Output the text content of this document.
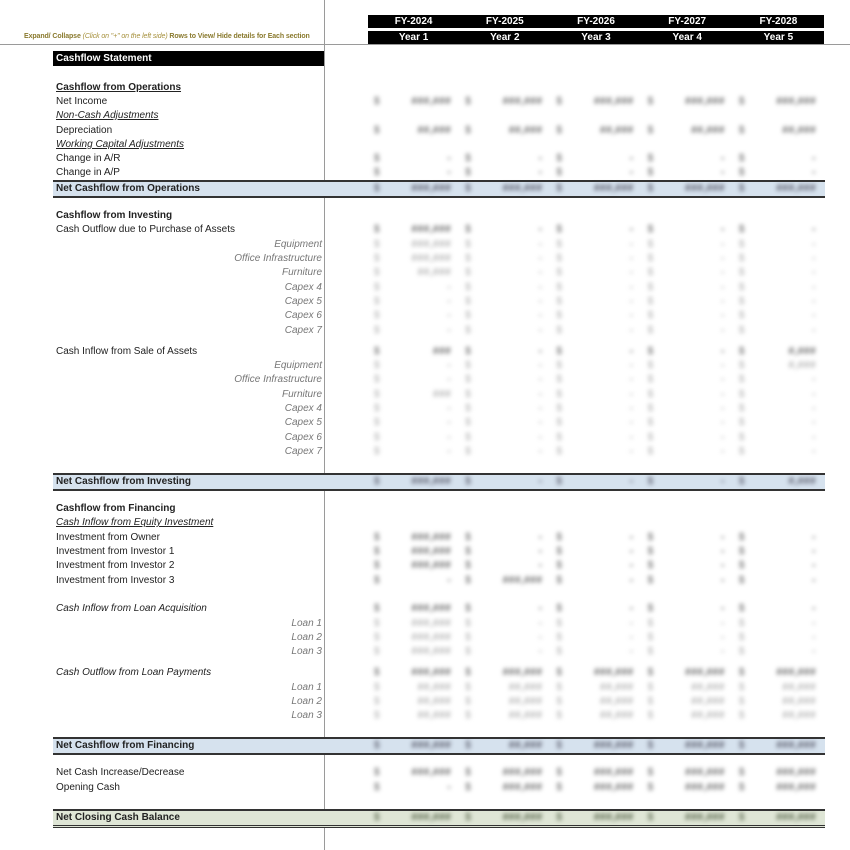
Expand/ Collapse (Click on "+" on the left side) Rows to View/ Hide details for Each section
FY-2024	FY-2025	FY-2026	FY-2027	FY-2028
Year 1	Year 2	Year 3	Year 4	Year 5
Cashflow Statement
Cashflow from Operations
Net Income	$	###,### $	###,### $	###,### $	###,### $	###,###
Non-Cash Adjustments
Depreciation	$	##,### $	##,### $	##,### $	##,### $	##,###
Working Capital Adjustments
Change in A/R	$	- $	- $	- $	- $	-
Change in A/P	$	- $	- $	- $	- $	-
Net Cashflow from Operations	$	###,### $	###,### $	###,### $	###,### $	###,###
Cashflow from Investing
Cash Outflow due to Purchase of Assets	$	###,### $	- $	- $	- $	-
Equipment	$	###,### $	- $	- $	- $	-
Office Infrastructure	$	###,### $	- $	- $	- $	-
Furniture	$	##,### $	- $	- $	- $	-
Capex 4	$	- $	- $	- $	- $	-
Capex 5	$	- $	- $	- $	- $	-
Capex 6	$	- $	- $	- $	- $	-
Capex 7	$	- $	- $	- $	- $	-
Cash Inflow from Sale of Assets	$	### $	- $	- $	- $	#,###
Equipment	$	- $	- $	- $	- $	#,###
Office Infrastructure	$	- $	- $	- $	- $	-
Furniture	$	### $	- $	- $	- $	-
Capex 4	$	- $	- $	- $	- $	-
Capex 5	$	- $	- $	- $	- $	-
Capex 6	$	- $	- $	- $	- $	-
Capex 7	$	- $	- $	- $	- $	-
Net Cashflow from Investing	$	###,### $	- $	- $	- $	#,###
Cashflow from Financing
Cash Inflow from Equity Investment
Investment from Owner	$	###,### $	- $	- $	- $	-
Investment from Investor 1	$	###,### $	- $	- $	- $	-
Investment from Investor 2	$	###,### $	- $	- $	- $	-
Investment from Investor 3	$	- $	###,### $	- $	- $	-
Cash Inflow from Loan Acquisition	$	###,### $	- $	- $	- $	-
Loan 1	$	###,### $	- $	- $	- $	-
Loan 2	$	###,### $	- $	- $	- $	-
Loan 3	$	###,### $	- $	- $	- $	-
Cash Outflow from Loan Payments	$	###,### $	###,### $	###,### $	###,### $	###,###
Loan 1	$	##,### $	##,### $	##,### $	##,### $	##,###
Loan 2	$	##,### $	##,### $	##,### $	##,### $	##,###
Loan 3	$	##,### $	##,### $	##,### $	##,### $	##,###
Net Cashflow from Financing	$	###,### $	##,### $	###,### $	###,### $	###,###
Net Cash Increase/Decrease	$	###,### $	###,### $	###,### $	###,### $	###,###
Opening Cash	$	- $	###,### $	###,### $	###,### $	###,###
Net Closing Cash Balance	$	###,### $	###,### $	###,### $	###,### $	###,###
